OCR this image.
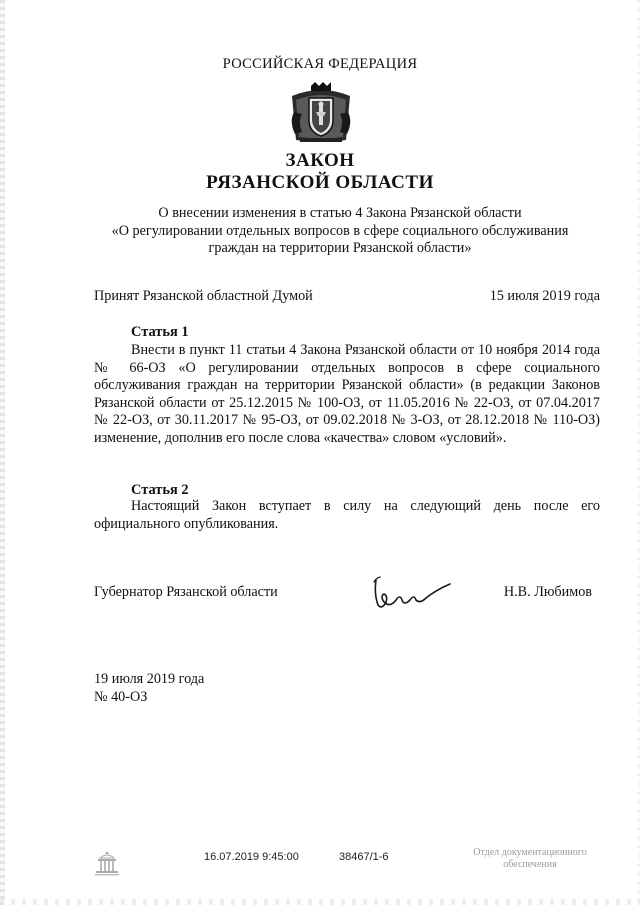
РОССИЙСКАЯ ФЕДЕРАЦИЯ
ЗАКОН
РЯЗАНСКОЙ ОБЛАСТИ
О внесении изменения в статью 4 Закона Рязанской области
«О регулировании отдельных вопросов в сфере социального обслуживания
граждан на территории Рязанской области»
Принят Рязанской областной Думой	15 июля 2019 года
Статья 1
Внести в пункт 11 статьи 4 Закона Рязанской области от 10 ноября 2014 года № 66-ОЗ «О регулировании отдельных вопросов в сфере социального обслуживания граждан на территории Рязанской области» (в редакции Законов Рязанской области от 25.12.2015 № 100-ОЗ, от 11.05.2016 № 22-ОЗ, от 07.04.2017 № 22-ОЗ, от 30.11.2017 № 95-ОЗ, от 09.02.2018 № 3-ОЗ, от 28.12.2018 № 110-ОЗ) изменение, дополнив его после слова «качества» словом «условий».
Статья 2
Настоящий Закон вступает в силу на следующий день после его официального опубликования.
Губернатор Рязанской области	Н.В. Любимов
19 июля 2019 года
№ 40-ОЗ
16.07.2019 9:45:00	38467/1-6	Отдел документационного
обеспечения
